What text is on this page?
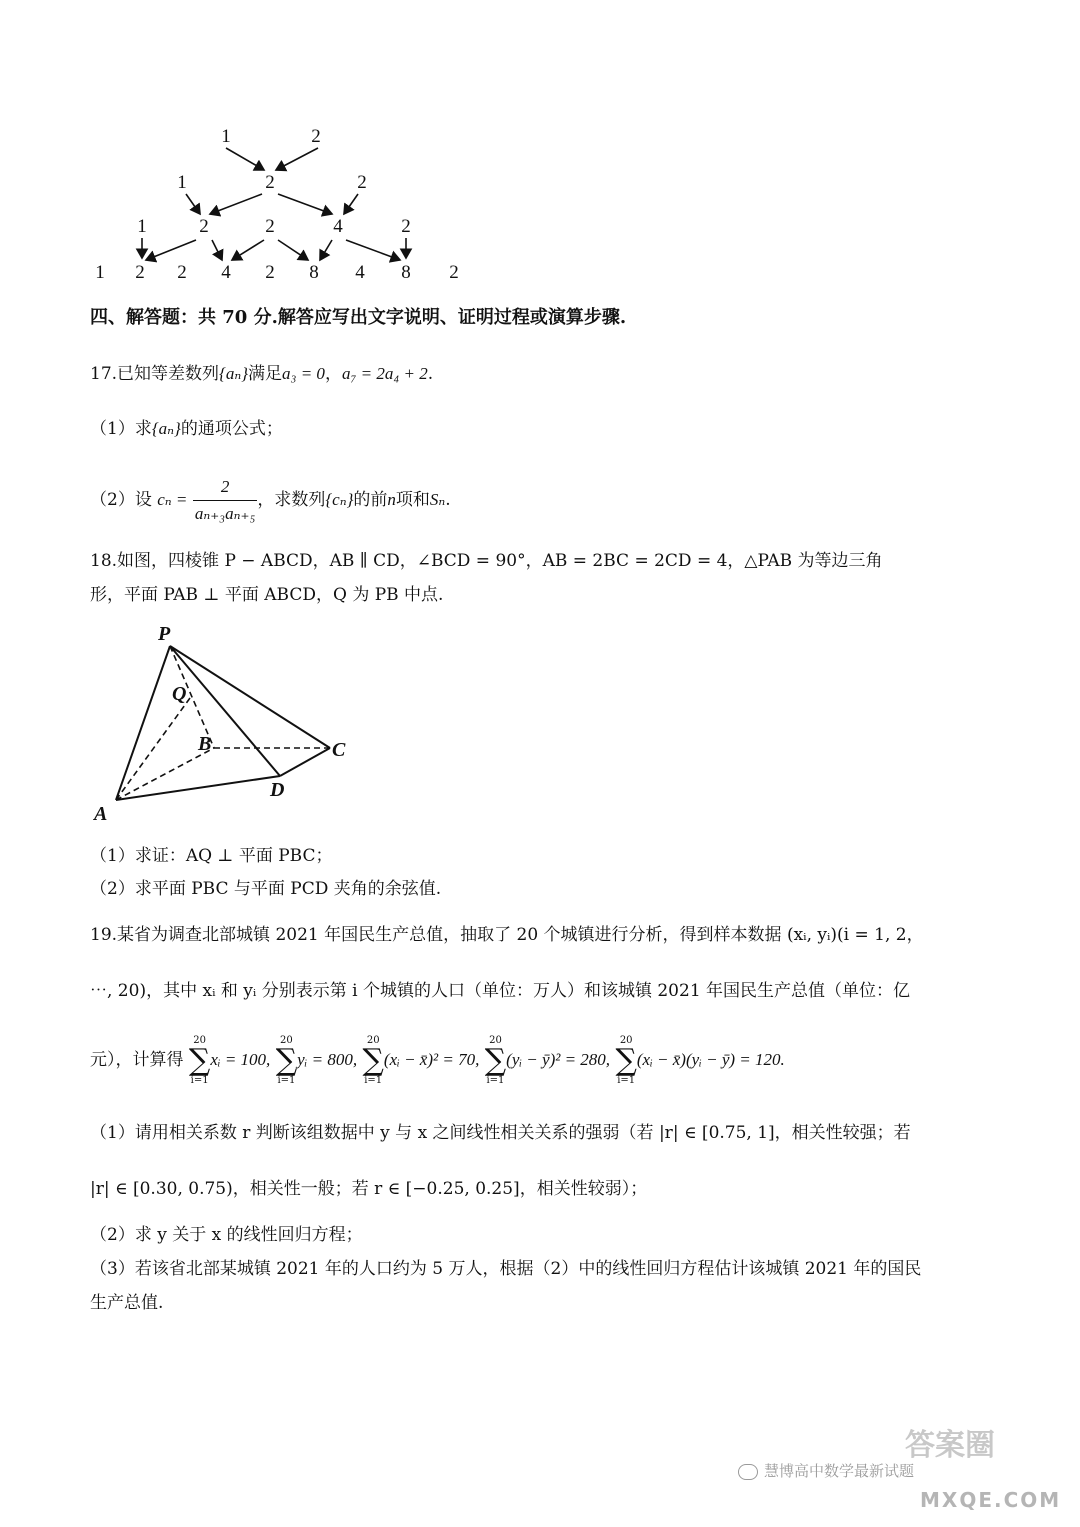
1	2
1	2	2
1	2	2	4	2
1 2 2 4 2 8 4 8 2
四、解答题：共 70 分.解答应写出文字说明、证明过程或演算步骤.
17.已知等差数列{aₙ}满足a₃ = 0，a₇ = 2a₄ + 2.
（1）求{aₙ}的通项公式；
（2）设 $c_n = \frac{2}{\text{aₙ₊₃aₙ₊₅}}$ ，求数列{cₙ}的前n项和Sₙ.
18.如图，四棱锥 P − ABCD，AB ∥ CD，∠BCD = 90°，AB = 2BC = 2CD = 4，△PAB 为等边三角
形，平面 PAB ⊥ 平面 ABCD，Q 为 PB 中点.
P
Q
B	C
D
A
（1）求证：AQ ⊥ 平面 PBC；
（2）求平面 PBC 与平面 PCD 夹角的余弦值.
19.某省为调查北部城镇 2021 年国民生产总值，抽取了 20 个城镇进行分析，得到样本数据 (xᵢ, yᵢ)(i = 1, 2，
⋯, 20)，其中 xᵢ 和 yᵢ 分别表示第 i 个城镇的人口（单位：万人）和该城镇 2021 年国民生产总值（单位：亿
元），计算得
20
∑
i=1
xᵢ = 100,
20
∑
i=1
yᵢ = 800,
20
∑
i=1
(xᵢ − x̄)² = 70,
20
∑
i=1
(yᵢ − ȳ)² = 280,
20
∑
i=1
(xᵢ − x̄)(yᵢ − ȳ) = 120.
（1）请用相关系数 r 判断该组数据中 y 与 x 之间线性相关关系的强弱（若 |r| ∈ [0.75, 1]，相关性较强；若
|r| ∈ [0.30, 0.75)，相关性一般；若 r ∈ [−0.25, 0.25]，相关性较弱）；
（2）求 y 关于 x 的线性回归方程；
（3）若该省北部某城镇 2021 年的人口约为 5 万人，根据（2）中的线性回归方程估计该城镇 2021 年的国民
生产总值.
答案圈
慧博高中数学最新试题
MXQE.COM
